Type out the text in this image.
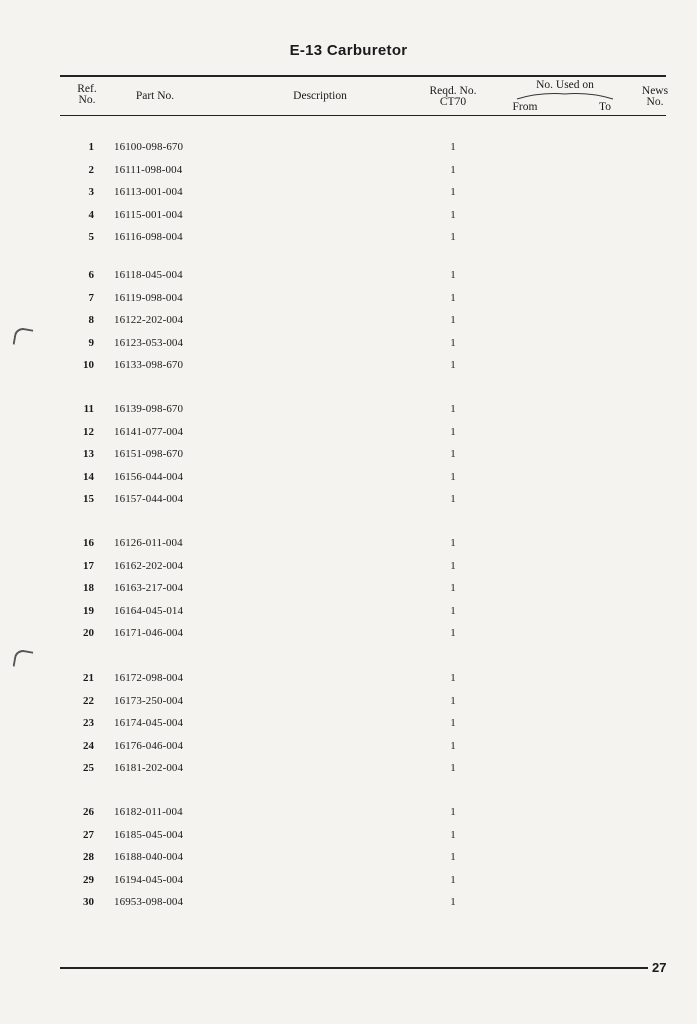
E-13 Carburetor
Ref.
No.	Part No.	Description	Reqd. No.
CT70
No. Used on
From	To
News
No.
1 16100-098-670	1
2 16111-098-004	1
3 16113-001-004	1
4 16115-001-004	1
5 16116-098-004	1
6 16118-045-004	1
7 16119-098-004	1
8 16122-202-004	1
9 16123-053-004	1
10 16133-098-670	1
11 16139-098-670	1
12 16141-077-004	1
13 16151-098-670	1
14 16156-044-004	1
15 16157-044-004	1
16 16126-011-004	1
17 16162-202-004	1
18 16163-217-004	1
19 16164-045-014	1
20 16171-046-004	1
21 16172-098-004	1
22 16173-250-004	1
23 16174-045-004	1
24 16176-046-004	1
25 16181-202-004	1
26 16182-011-004	1
27 16185-045-004	1
28 16188-040-004	1
29 16194-045-004	1
30 16953-098-004	1
27
